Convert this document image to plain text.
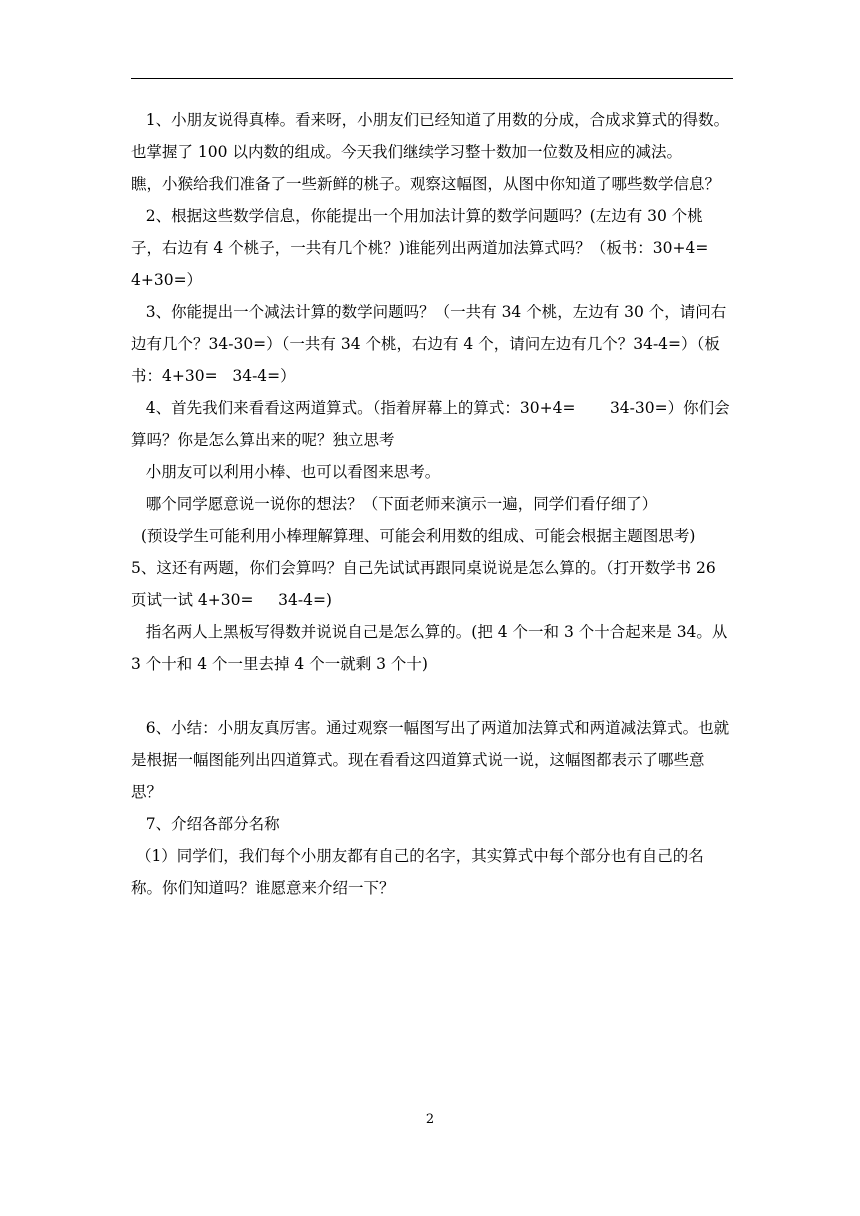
1、小朋友说得真棒。看来呀，小朋友们已经知道了用数的分成，合成求算式的得数。也掌握了 100 以内数的组成。今天我们继续学习整十数加一位数及相应的减法。

瞧，小猴给我们准备了一些新鲜的桃子。观察这幅图，从图中你知道了哪些数学信息？

2、根据这些数学信息，你能提出一个用加法计算的数学问题吗？(左边有 30 个桃子，右边有 4 个桃子，一共有几个桃？)谁能列出两道加法算式吗？（板书：30+4=     4+30=）

3、你能提出一个减法计算的数学问题吗？（一共有 34 个桃，左边有 30 个，请问右边有几个？34-30=）（一共有 34 个桃，右边有 4 个，请问左边有几个？34-4=）（板书：4+30=   34-4=）

4、首先我们来看看这两道算式。（指着屏幕上的算式：30+4=       34-30=）你们会算吗？你是怎么算出来的呢？独立思考

小朋友可以利用小棒、也可以看图来思考。

哪个同学愿意说一说你的想法？（下面老师来演示一遍，同学们看仔细了）

(预设学生可能利用小棒理解算理、可能会利用数的组成、可能会根据主题图思考)

5、这还有两题，你们会算吗？自己先试试再跟同桌说说是怎么算的。（打开数学书 26 页试一试 4+30=     34-4=)

指名两人上黑板写得数并说说自己是怎么算的。(把 4 个一和 3 个十合起来是 34。从 3 个十和 4 个一里去掉 4 个一就剩 3 个十)

6、小结：小朋友真厉害。通过观察一幅图写出了两道加法算式和两道减法算式。也就是根据一幅图能列出四道算式。现在看看这四道算式说一说，这幅图都表示了哪些意思？

7、介绍各部分名称

（1）同学们，我们每个小朋友都有自己的名字，其实算式中每个部分也有自己的名称。你们知道吗？谁愿意来介绍一下？

2
